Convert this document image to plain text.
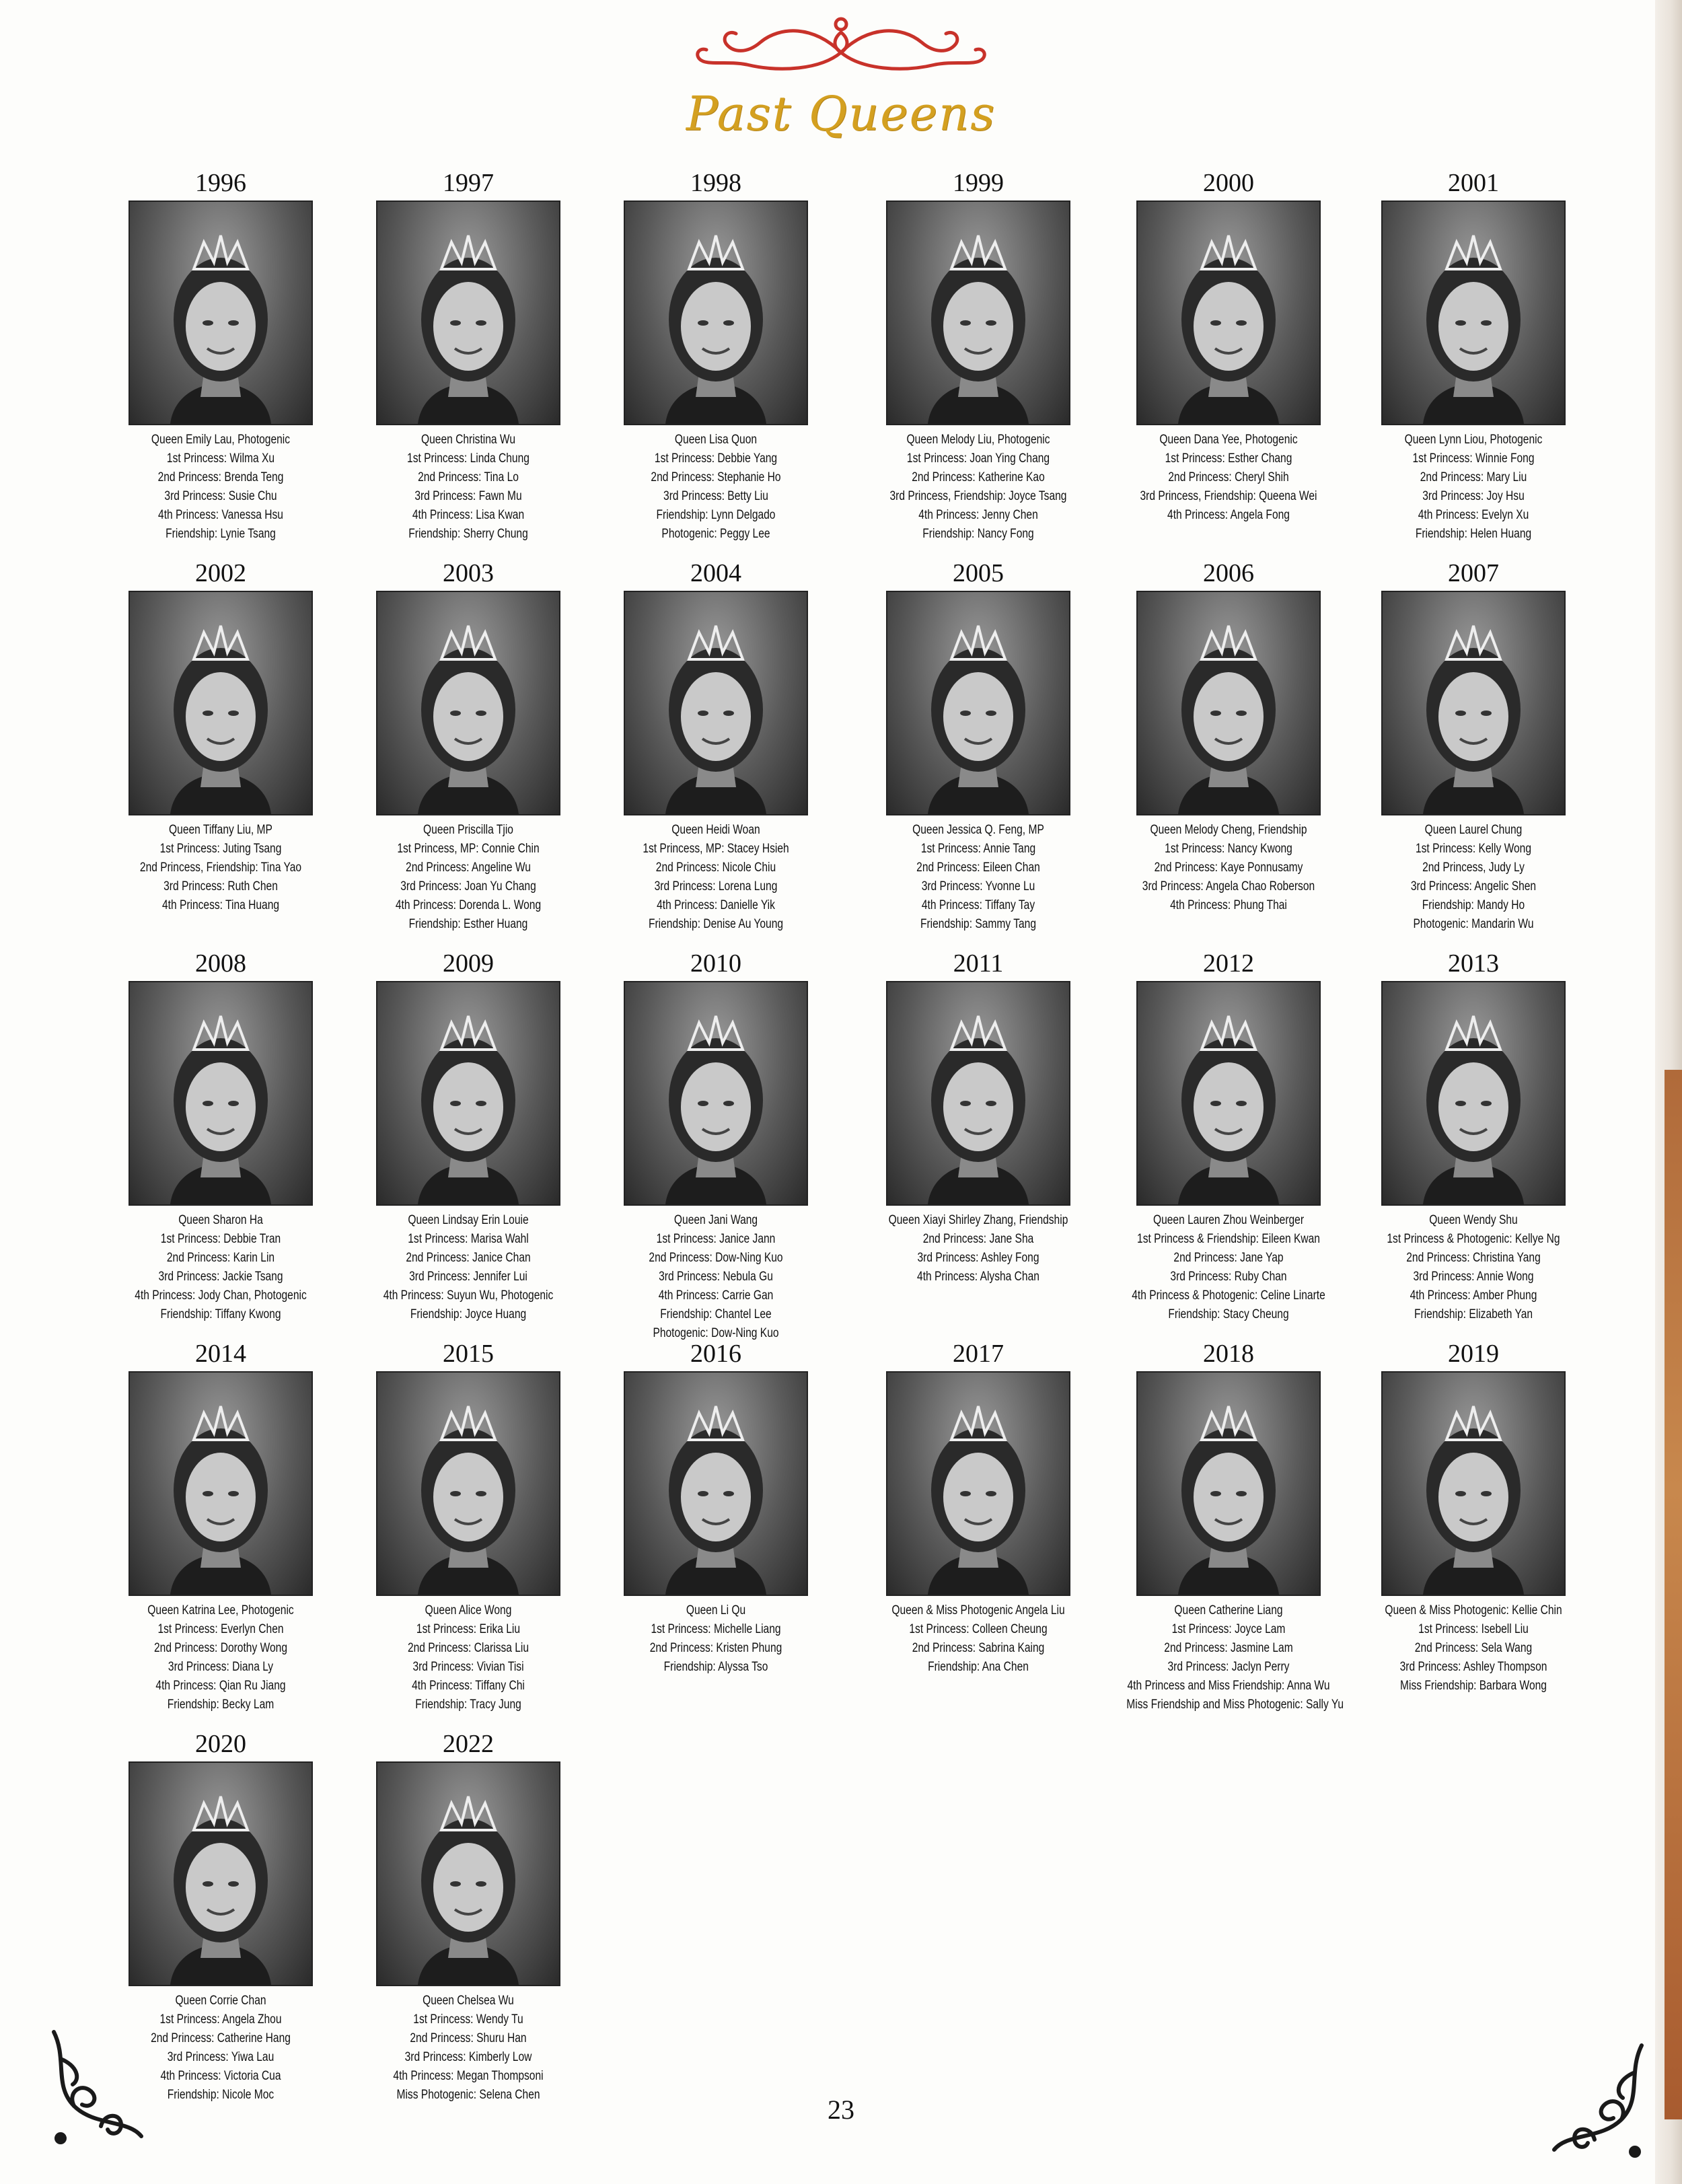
Past Queens
1996
Queen Emily Lau, Photogenic
1st Princess: Wilma Xu
2nd Princess: Brenda Teng
3rd Princess: Susie Chu
4th Princess: Vanessa Hsu
Friendship: Lynie Tsang
1997
Queen Christina Wu
1st Princess: Linda Chung
2nd Princess: Tina Lo
3rd Princess: Fawn Mu
4th Princess: Lisa Kwan
Friendship: Sherry Chung
1998
Queen Lisa Quon
1st Princess: Debbie Yang
2nd Princess: Stephanie Ho
3rd Princess: Betty Liu
Friendship: Lynn Delgado
Photogenic: Peggy Lee
1999
Queen Melody Liu, Photogenic
1st Princess: Joan Ying Chang
2nd Princess: Katherine Kao
3rd Princess, Friendship: Joyce Tsang
4th Princess: Jenny Chen
Friendship: Nancy Fong
2000
Queen Dana Yee, Photogenic
1st Princess: Esther Chang
2nd Princess: Cheryl Shih
3rd Princess, Friendship: Queena Wei
4th Princess: Angela Fong
2001
Queen Lynn Liou, Photogenic
1st Princess: Winnie Fong
2nd Princess: Mary Liu
3rd Princess: Joy Hsu
4th Princess: Evelyn Xu
Friendship: Helen Huang
2002
Queen Tiffany Liu, MP
1st Princess: Juting Tsang
2nd Princess, Friendship: Tina Yao
3rd Princess: Ruth Chen
4th Princess: Tina Huang
2003
Queen Priscilla Tjio
1st Princess, MP: Connie Chin
2nd Princess: Angeline Wu
3rd Princess: Joan Yu Chang
4th Princess: Dorenda L. Wong
Friendship: Esther Huang
2004
Queen Heidi Woan
1st Princess, MP: Stacey Hsieh
2nd Princess: Nicole Chiu
3rd Princess: Lorena Lung
4th Princess: Danielle Yik
Friendship: Denise Au Young
2005
Queen Jessica Q. Feng, MP
1st Princess: Annie Tang
2nd Princess: Eileen Chan
3rd Princess: Yvonne Lu
4th Princess: Tiffany Tay
Friendship: Sammy Tang
2006
Queen Melody Cheng, Friendship
1st Princess: Nancy Kwong
2nd Princess: Kaye Ponnusamy
3rd Princess: Angela Chao Roberson
4th Princess: Phung Thai
2007
Queen Laurel Chung
1st Princess: Kelly Wong
2nd Princess, Judy Ly
3rd Princess: Angelic Shen
Friendship: Mandy Ho
Photogenic: Mandarin Wu
2008
Queen Sharon Ha
1st Princess: Debbie Tran
2nd Princess: Karin Lin
3rd Princess: Jackie Tsang
4th Princess: Jody Chan, Photogenic
Friendship: Tiffany Kwong
2009
Queen Lindsay Erin Louie
1st Princess: Marisa Wahl
2nd Princess: Janice Chan
3rd Princess: Jennifer Lui
4th Princess: Suyun Wu, Photogenic
Friendship: Joyce Huang
2010
Queen Jani Wang
1st Princess: Janice Jann
2nd Princess: Dow-Ning Kuo
3rd Princess: Nebula Gu
4th Princess: Carrie Gan
Friendship: Chantel Lee
Photogenic: Dow-Ning Kuo
2011
Queen Xiayi Shirley Zhang, Friendship
2nd Princess: Jane Sha
3rd Princess: Ashley Fong
4th Princess: Alysha Chan
2012
Queen Lauren Zhou Weinberger
1st Princess & Friendship: Eileen Kwan
2nd Princess: Jane Yap
3rd Princess: Ruby Chan
4th Princess & Photogenic: Celine Linarte
Friendship: Stacy Cheung
2013
Queen Wendy Shu
1st Princess & Photogenic: Kellye Ng
2nd Princess: Christina Yang
3rd Princess: Annie Wong
4th Princess: Amber Phung
Friendship: Elizabeth Yan
2014
Queen Katrina Lee, Photogenic
1st Princess: Everlyn Chen
2nd Princess: Dorothy Wong
3rd Princess: Diana Ly
4th Princess: Qian Ru Jiang
Friendship: Becky Lam
2015
Queen Alice Wong
1st Princess: Erika Liu
2nd Princess: Clarissa Liu
3rd Princess: Vivian Tisi
4th Princess: Tiffany Chi
Friendship: Tracy Jung
2016
Queen Li Qu
1st Princess: Michelle Liang
2nd Princess: Kristen Phung
Friendship: Alyssa Tso
2017
Queen & Miss Photogenic Angela Liu
1st Princess: Colleen Cheung
2nd Princess: Sabrina Kaing
Friendship: Ana Chen
2018
Queen Catherine Liang
1st Princess: Joyce Lam
2nd Princess: Jasmine Lam
3rd Princess: Jaclyn Perry
4th Princess and Miss Friendship: Anna Wu
Miss Friendship and Miss Photogenic: Sally Yu
2019
Queen & Miss Photogenic: Kellie Chin
1st Princess: Isebell Liu
2nd Princess: Sela Wang
3rd Princess: Ashley Thompson
Miss Friendship: Barbara Wong
2020
Queen Corrie Chan
1st Princess: Angela Zhou
2nd Princess: Catherine Hang
3rd Princess: Yiwa Lau
4th Princess: Victoria Cua
Friendship: Nicole Moc
2022
Queen Chelsea Wu
1st Princess: Wendy Tu
2nd Princess: Shuru Han
3rd Princess: Kimberly Low
4th Princess: Megan Thompsoni
Miss Photogenic: Selena Chen	23
